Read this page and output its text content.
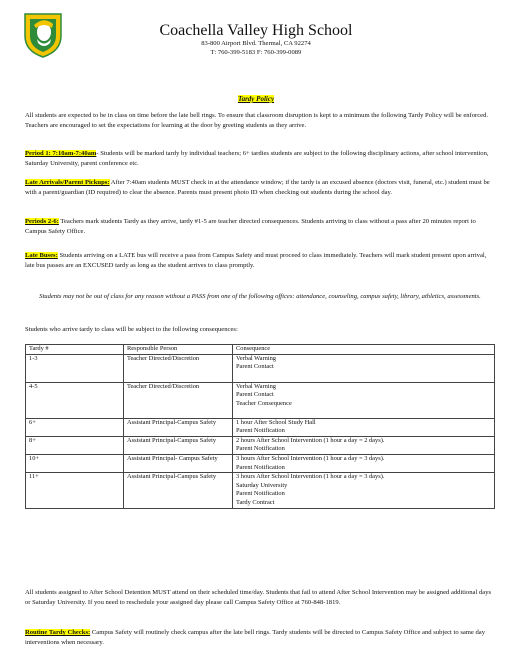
Coachella Valley High School
83-800 Airport Blvd. Thermal, CA 92274
T: 760-399-5183 F: 760-399-0089
Tardy Policy
All students are expected to be in class on time before the late bell rings. To ensure that classroom disruption is kept to a minimum the following Tardy Policy will be enforced. Teachers are encouraged to set the expectations for learning at the door by greeting students as they arrive.
Period 1: 7:10am-7:40am- Students will be marked tardy by individual teachers; 6+ tardies students are subject to the following disciplinary actions, after school intervention, Saturday University, parent conference etc.
Late Arrivals/Parent Pickups: After 7:40am students MUST check in at the attendance window; if the tardy is an excused absence (doctors visit, funeral, etc.) student must be with a parent/guardian (ID required) to clear the absence. Parents must present photo ID when checking out students during the school day.
Periods 2-6: Teachers mark students Tardy as they arrive, tardy #1-5 are teacher directed consequences. Students arriving to class without a pass after 20 minutes report to Campus Safety Office.
Late Buses: Students arriving on a LATE bus will receive a pass from Campus Safety and must proceed to class immediately. Teachers will mark student present upon arrival, late bus passes are an EXCUSED tardy as long as the student arrives to class promptly.
Students may not be out of class for any reason without a PASS from one of the following offices: attendance, counseling, campus safety, library, athletics, assessments.
Students who arrive tardy to class will be subject to the following consequences:
Tardy #	Responsible Person	Consequence
1-3	Teacher Directed/Discretion	Verbal Warning
Parent Contact

4-5	Teacher Directed/Discretion	Verbal Warning
Parent Contact
Teacher Consequence

6+	Assistant Principal-Campus Safety	1 hour After School Study Hall
Parent Notification

8+	Assistant Principal-Campus Safety	2 hours After School Intervention (1 hour a day = 2 days).
Parent Notification

10+	Assistant Principal- Campus Safety	3 hours After School Intervention (1 hour a day = 3 days).
Parent Notification

11+	Assistant Principal-Campus Safety	3 hours After School Intervention (1 hour a day = 3 days).
Saturday University
Parent Notification
Tardy Contract
All students assigned to After School Detention MUST attend on their scheduled time/day. Students that fail to attend After School Intervention may be assigned additional days or Saturday University. If you need to reschedule your assigned day please call Campus Safety Office at 760-848-1819.
Routine Tardy Checks: Campus Safety will routinely check campus after the late bell rings. Tardy students will be directed to Campus Safety Office and subject to same day interventions when necessary.
